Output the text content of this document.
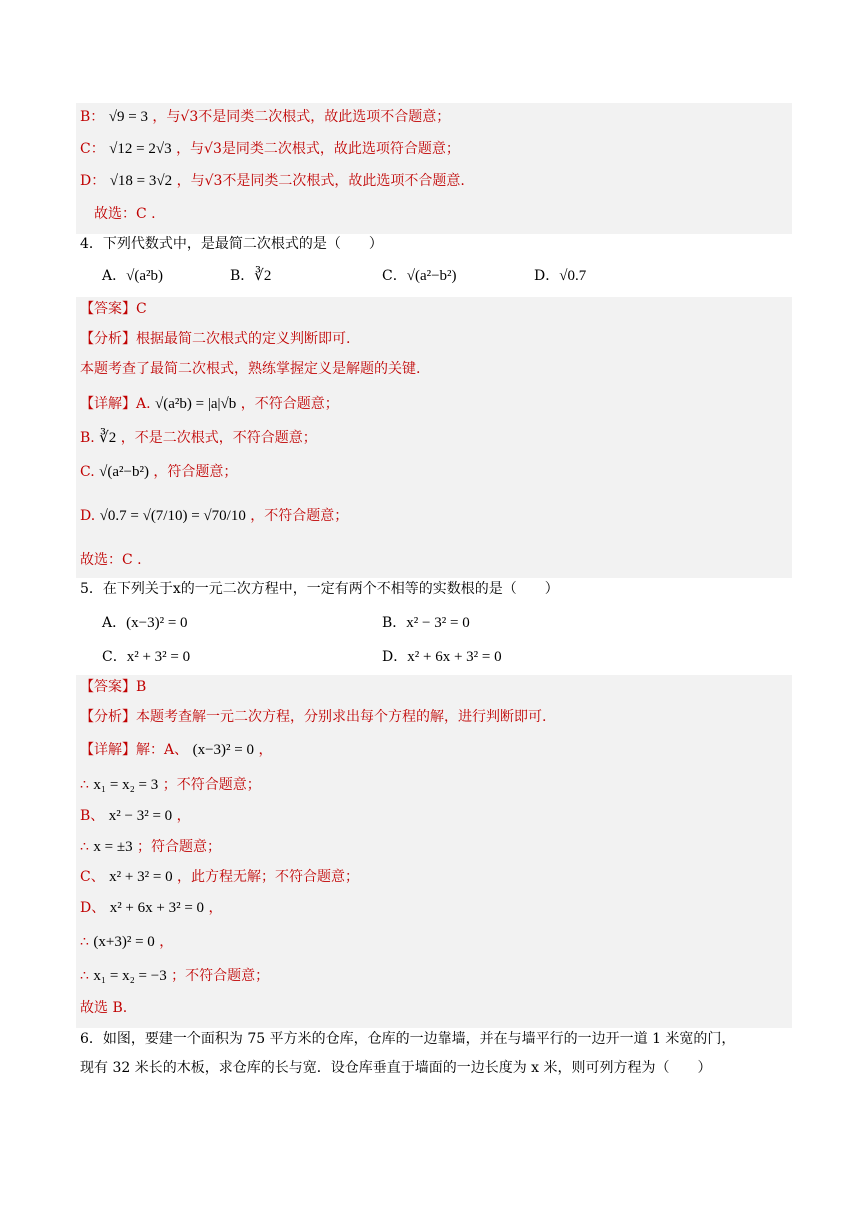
B： √9 = 3 ，与√3不是同类二次根式，故此选项不合题意；
C： √12 = 2√3 ，与√3是同类二次根式，故此选项符合题意；
D： √18 = 3√2 ，与√3不是同类二次根式，故此选项不合题意.
故选：C .
4．下列代数式中，是最简二次根式的是（　　）
A．√(a²b)	B．∛2	C．√(a²−b²)	D．√0.7
【答案】C
【分析】根据最简二次根式的定义判断即可.
本题考查了最简二次根式，熟练掌握定义是解题的关键.
【详解】A. √(a²b) = |a|√b ，不符合题意；
B. ∛2 ，不是二次根式，不符合题意；
C. √(a²−b²) ，符合题意；
D. √0.7 = √(7/10) = √70/10 ，不符合题意；
故选：C .
5．在下列关于x的一元二次方程中，一定有两个不相等的实数根的是（　　）
A．(x−3)² = 0	B．x² − 3² = 0
C．x² + 3² = 0	D．x² + 6x + 3² = 0
【答案】B
【分析】本题考查解一元二次方程，分别求出每个方程的解，进行判断即可.
【详解】解：A、 (x−3)² = 0 ，
∴ x₁ = x₂ = 3 ；不符合题意；
B、 x² − 3² = 0 ，
∴ x = ±3 ；符合题意；
C、 x² + 3² = 0 ，此方程无解；不符合题意；
D、 x² + 6x + 3² = 0 ，
∴ (x+3)² = 0 ，
∴ x₁ = x₂ = −3 ；不符合题意；
故选 B.
6．如图，要建一个面积为 75 平方米的仓库，仓库的一边靠墙，并在与墙平行的一边开一道 1 米宽的门，
现有 32 米长的木板，求仓库的长与宽．设仓库垂直于墙面的一边长度为 x 米，则可列方程为（　　）
